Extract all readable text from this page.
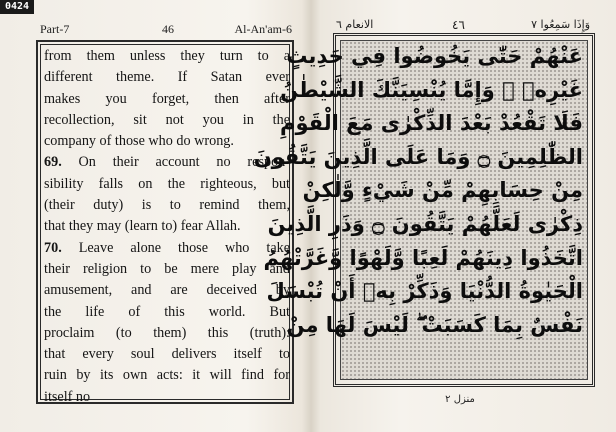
0424
Part-7	46	Al-An'am-6
from them unless they turn to a
different theme. If Satan ever
makes you forget, then after
recollection, sit not you in the
company of those who do wrong.
69. On their account no respon-
sibility falls on the righteous, but
(their duty) is to remind them,
that they may (learn to) fear Allah.
70. Leave alone those who take
their religion to be mere play and
amusement, and are deceived by
the life of this world. But
proclaim (to them) this (truth):
that every soul delivers itself to
ruin by its own acts: it will find for
itself no
الانعام ٦	٤٦	وَإِذَا سَمِعُوا ٧
عَنْهُمْ حَتّٰى يَخُوضُوا فِي حَدِيثٍ
غَيْرِهٖ ۚ وَإِمَّا يُنْسِيَنَّكَ الشَّيْطٰنُ
فَلَا تَقْعُدْ بَعْدَ الذِّكْرٰى مَعَ الْقَوْمِ
الظّٰلِمِينَ ۝ وَمَا عَلَى الَّذِينَ يَتَّقُونَ
مِنْ حِسَابِهِمْ مِّنْ شَيْءٍ وَّلٰكِنْ
ذِكْرٰى لَعَلَّهُمْ يَتَّقُونَ ۝ وَذَرِ الَّذِينَ
اتَّخَذُوا دِينَهُمْ لَعِبًا وَّلَهْوًا وَّغَرَّتْهُمُ
الْحَيٰوةُ الدُّنْيَا وَذَكِّرْ بِهٖ أَنْ تُبْسَلَ
نَفْسٌ بِمَا كَسَبَتْ ۖ لَيْسَ لَهَا مِنْ
منزل ٢
